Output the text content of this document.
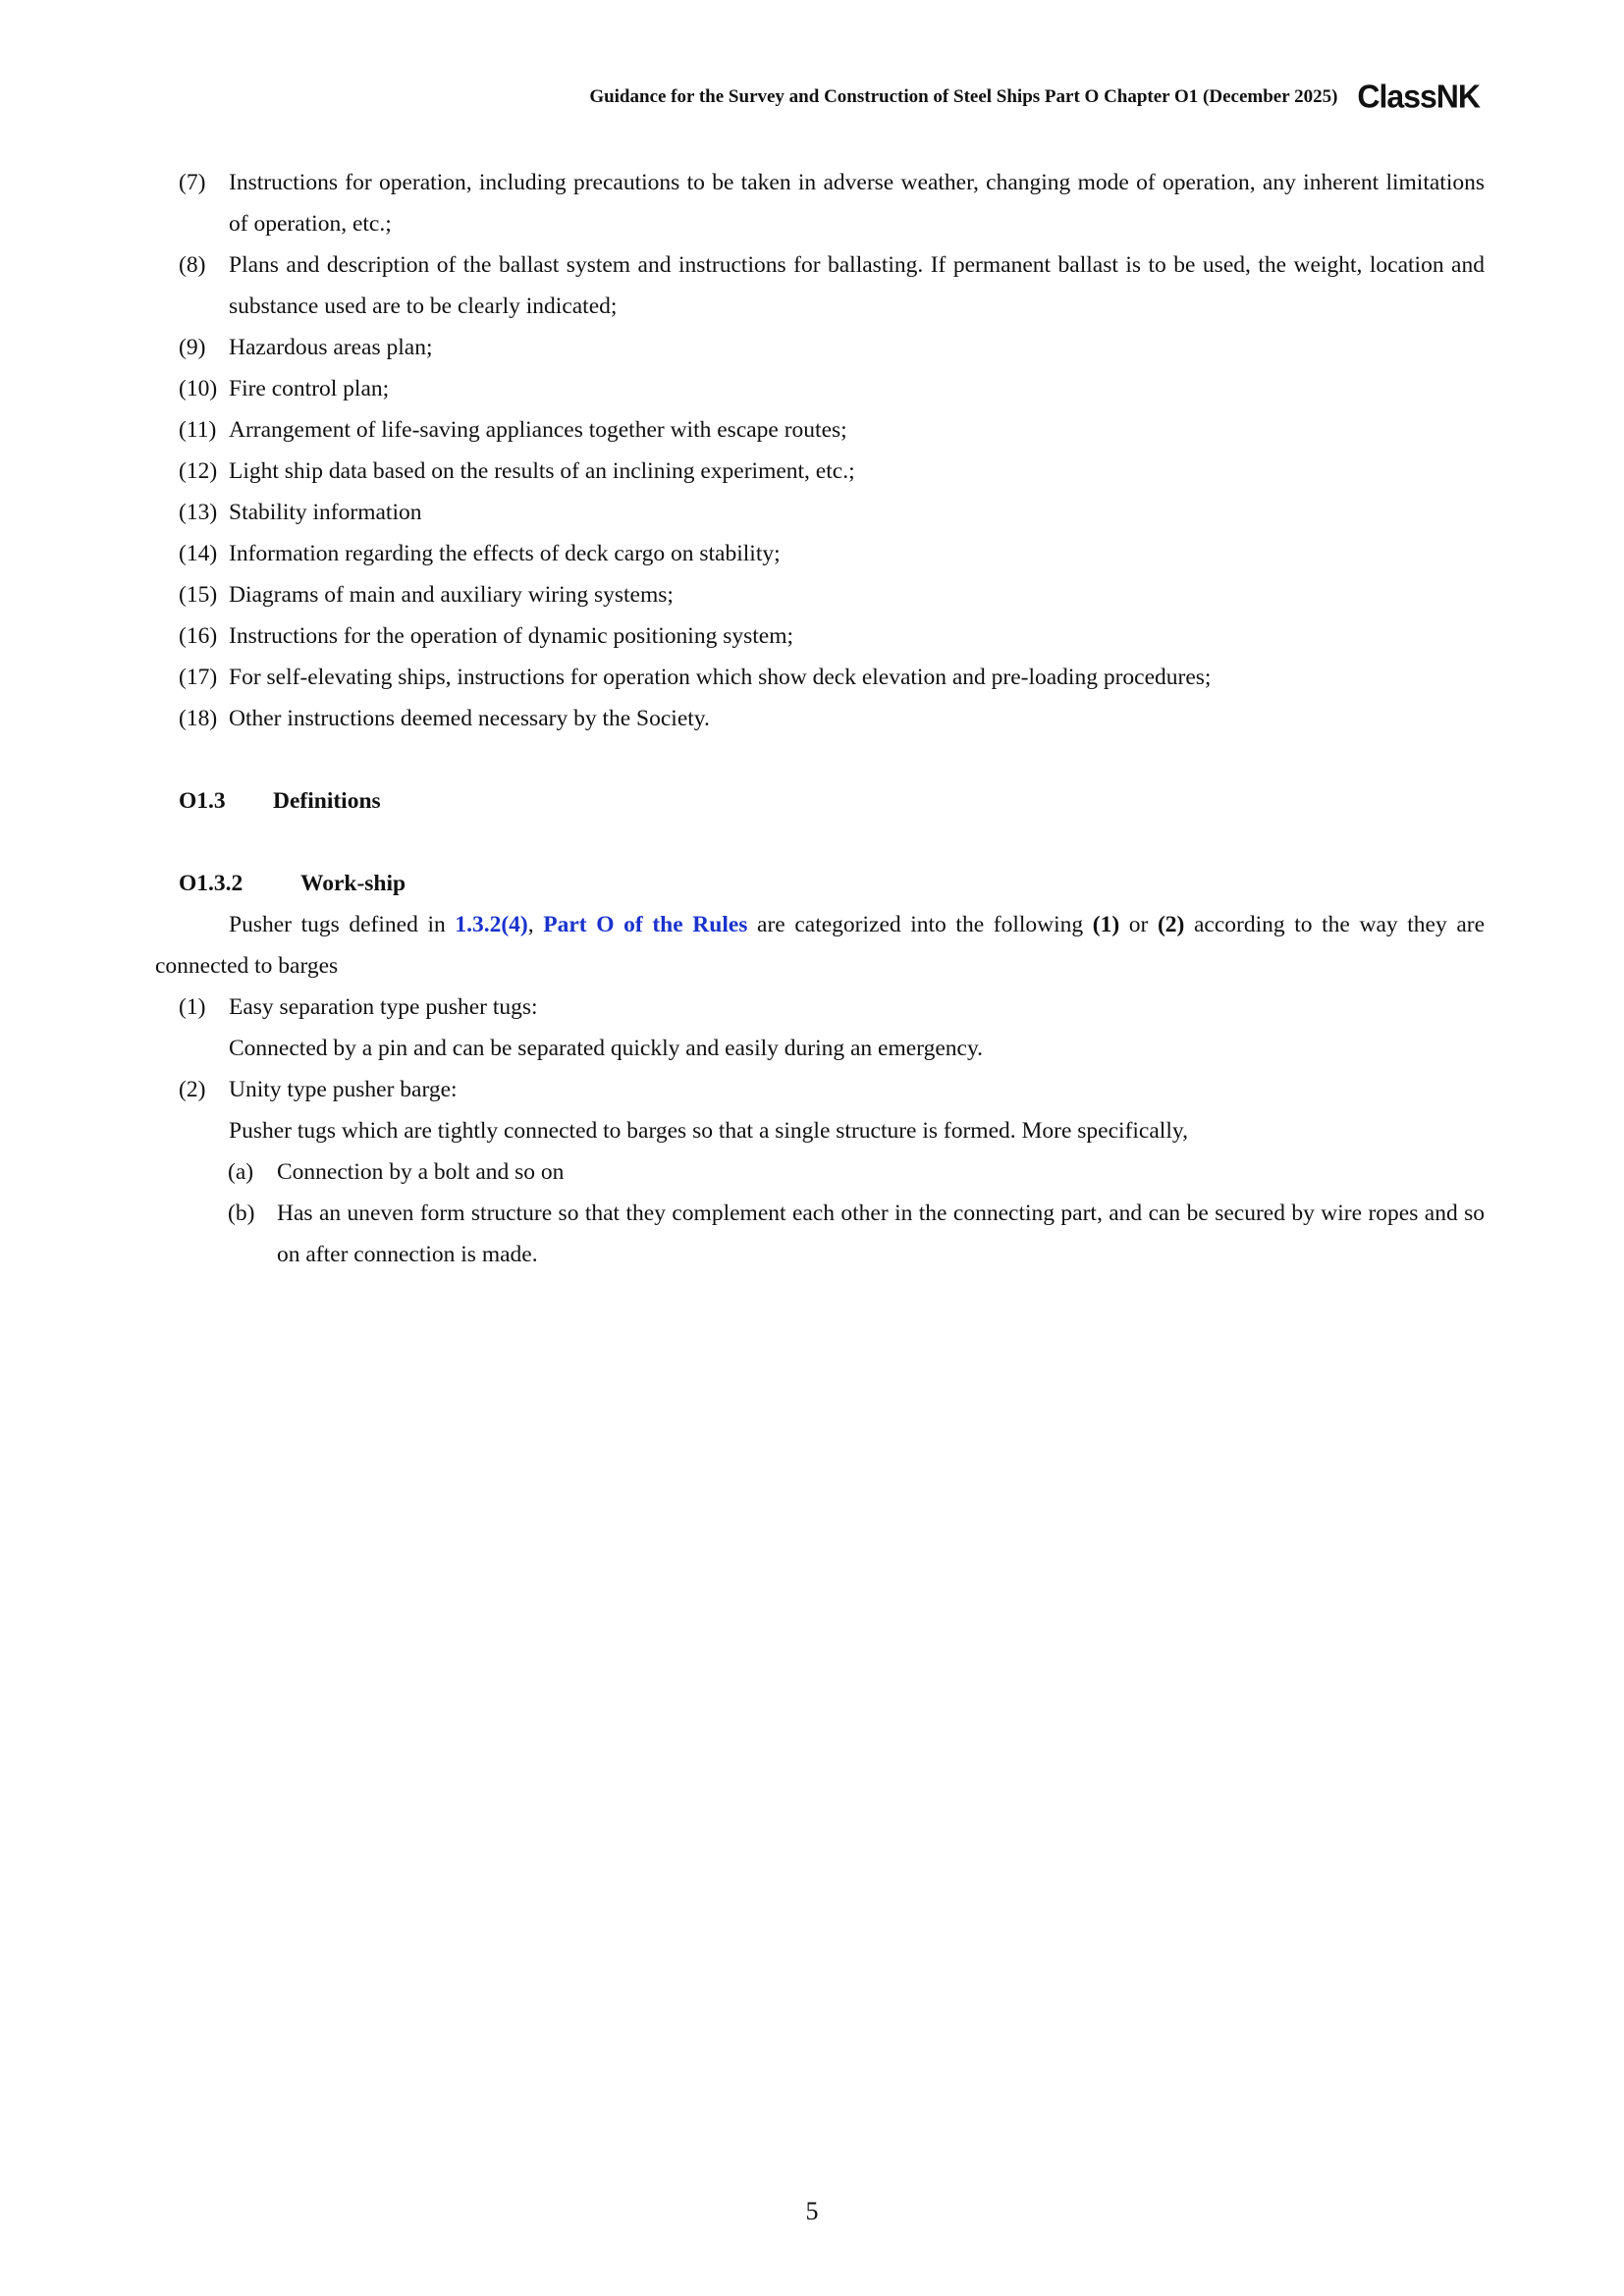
Guidance for the Survey and Construction of Steel Ships Part O Chapter O1 (December 2025) ClassNK
(7)	Instructions for operation, including precautions to be taken in adverse weather, changing mode of operation, any inherent limitations of operation, etc.;
(8)	Plans and description of the ballast system and instructions for ballasting. If permanent ballast is to be used, the weight, location and substance used are to be clearly indicated;
(9)	Hazardous areas plan;
(10) Fire control plan;
(11) Arrangement of life-saving appliances together with escape routes;
(12) Light ship data based on the results of an inclining experiment, etc.;
(13) Stability information
(14) Information regarding the effects of deck cargo on stability;
(15) Diagrams of main and auxiliary wiring systems;
(16) Instructions for the operation of dynamic positioning system;
(17) For self-elevating ships, instructions for operation which show deck elevation and pre-loading procedures;
(18) Other instructions deemed necessary by the Society.
O1.3 Definitions
O1.3.2 Work-ship
Pusher tugs defined in 1.3.2(4), Part O of the Rules are categorized into the following (1) or (2) according to the way they are connected to barges
(1)	Easy separation type pusher tugs:
Connected by a pin and can be separated quickly and easily during an emergency.
(2)	Unity type pusher barge:
Pusher tugs which are tightly connected to barges so that a single structure is formed. More specifically,
(a)	Connection by a bolt and so on
(b) Has an uneven form structure so that they complement each other in the connecting part, and can be secured by wire ropes and so on after connection is made.
5
